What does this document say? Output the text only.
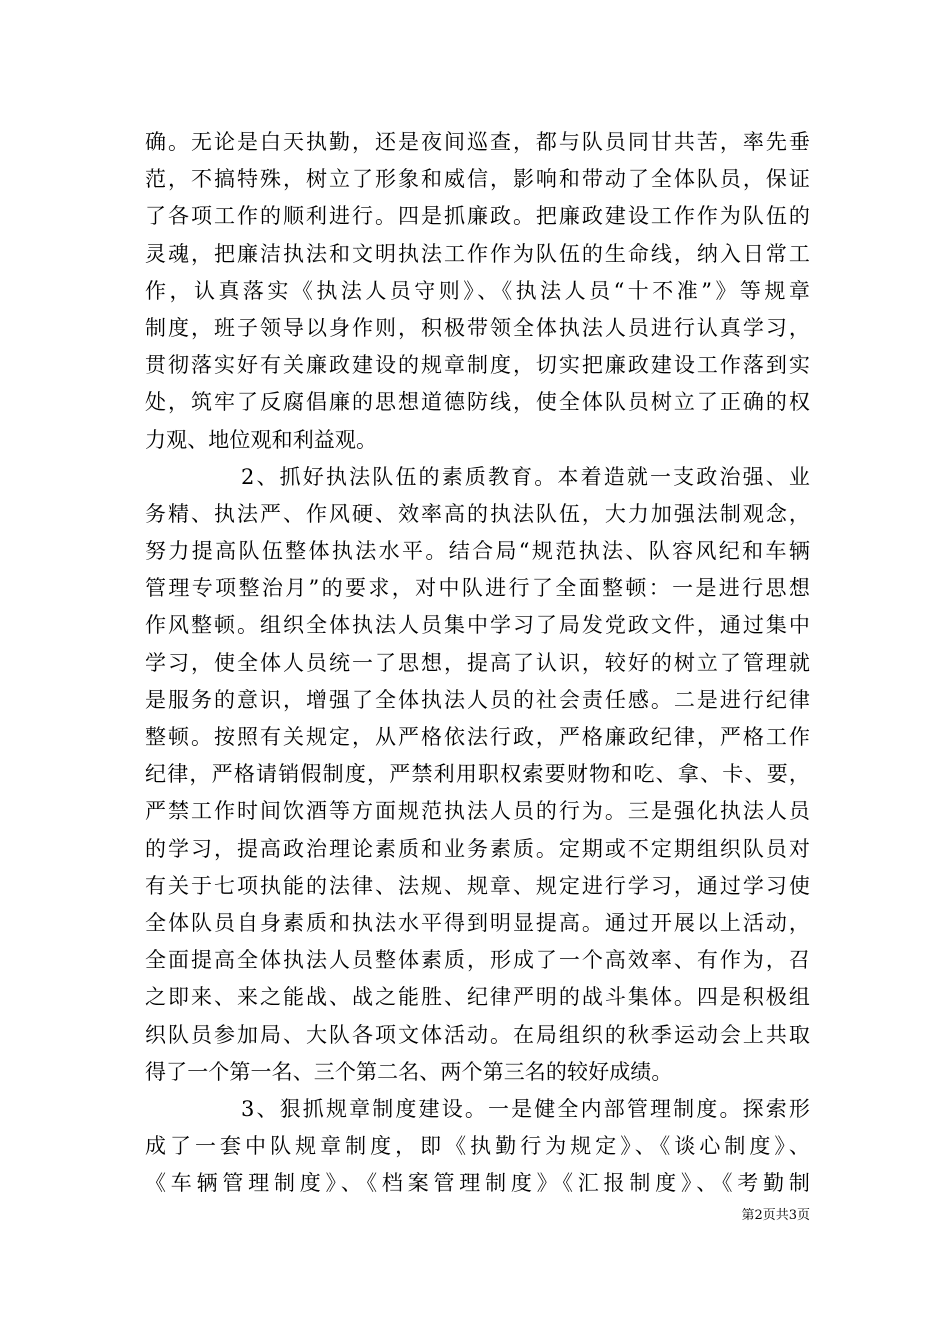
确。无论是白天执勤，还是夜间巡查，都与队员同甘共苦，率先垂
范，不搞特殊，树立了形象和威信，影响和带动了全体队员，保证
了各项工作的顺利进行。四是抓廉政。把廉政建设工作作为队伍的
灵魂，把廉洁执法和文明执法工作作为队伍的生命线，纳入日常工
作，认真落实《执法人员守则》、《执法人员“十不准”》等规章
制度，班子领导以身作则，积极带领全体执法人员进行认真学习，
贯彻落实好有关廉政建设的规章制度，切实把廉政建设工作落到实
处，筑牢了反腐倡廉的思想道德防线，使全体队员树立了正确的权
力观、地位观和利益观。
2、抓好执法队伍的素质教育。本着造就一支政治强、业
务精、执法严、作风硬、效率高的执法队伍，大力加强法制观念，
努力提高队伍整体执法水平。结合局“规范执法、队容风纪和车辆
管理专项整治月”的要求，对中队进行了全面整顿：一是进行思想
作风整顿。组织全体执法人员集中学习了局发党政文件，通过集中
学习，使全体人员统一了思想，提高了认识，较好的树立了管理就
是服务的意识，增强了全体执法人员的社会责任感。二是进行纪律
整顿。按照有关规定，从严格依法行政，严格廉政纪律，严格工作
纪律，严格请销假制度，严禁利用职权索要财物和吃、拿、卡、要，
严禁工作时间饮酒等方面规范执法人员的行为。三是强化执法人员
的学习，提高政治理论素质和业务素质。定期或不定期组织队员对
有关于七项执能的法律、法规、规章、规定进行学习，通过学习使
全体队员自身素质和执法水平得到明显提高。通过开展以上活动，
全面提高全体执法人员整体素质，形成了一个高效率、有作为，召
之即来、来之能战、战之能胜、纪律严明的战斗集体。四是积极组
织队员参加局、大队各项文体活动。在局组织的秋季运动会上共取
得了一个第一名、三个第二名、两个第三名的较好成绩。
3、狠抓规章制度建设。一是健全内部管理制度。探索形
成了一套中队规章制度，即《执勤行为规定》、《谈心制度》、
《车辆管理制度》、《档案管理制度》《汇报制度》、《考勤制
第2页共3页
